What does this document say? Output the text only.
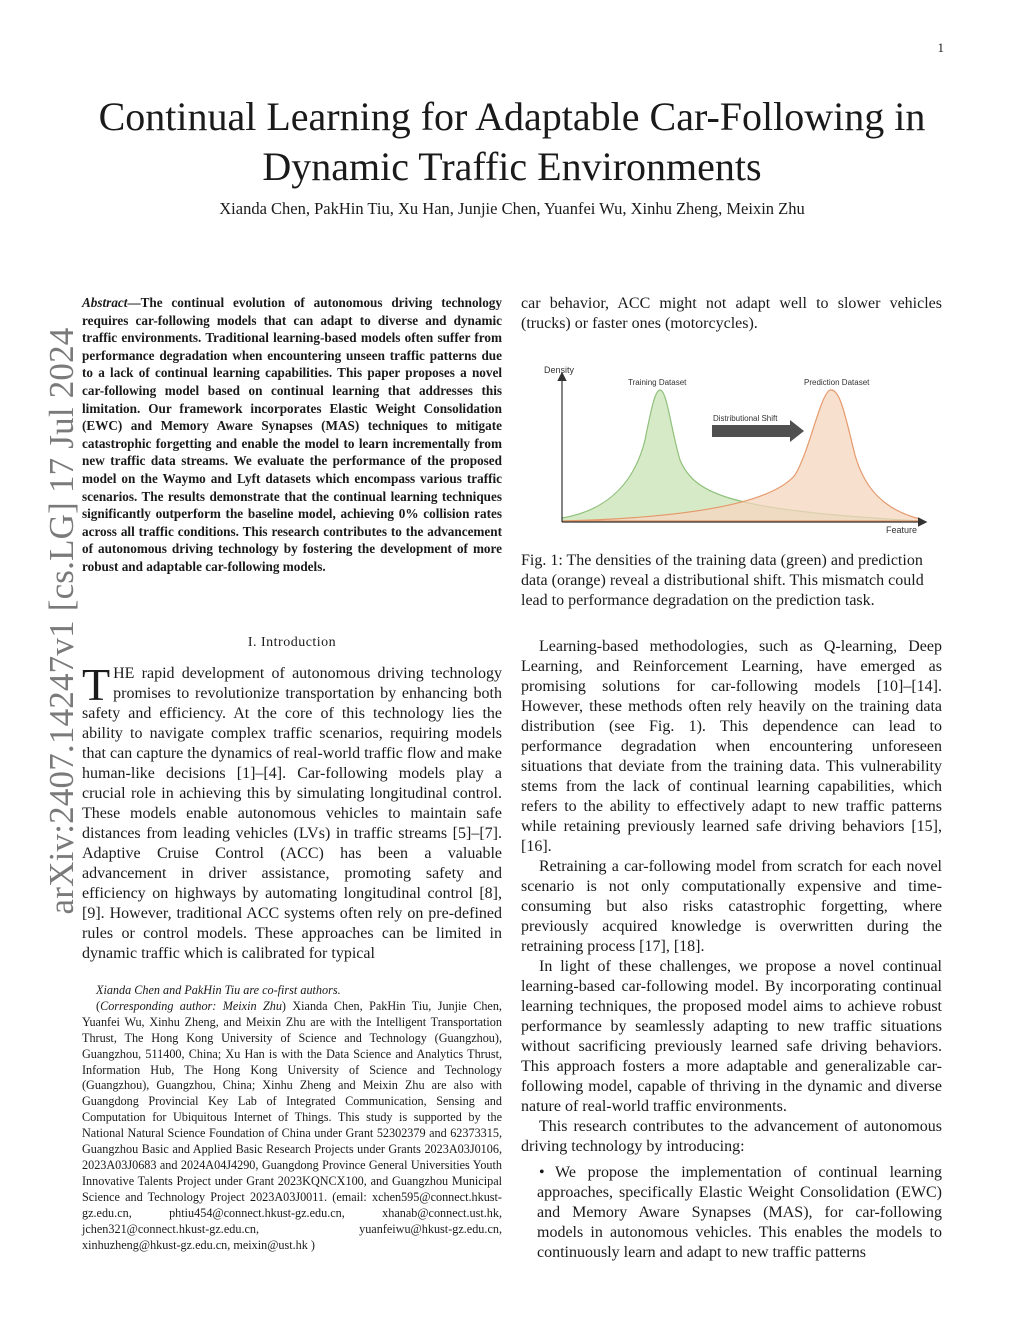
1
arXiv:2407.14247v1 [cs.LG] 17 Jul 2024
Continual Learning for Adaptable Car-Following in Dynamic Traffic Environments
Xianda Chen, PakHin Tiu, Xu Han, Junjie Chen, Yuanfei Wu, Xinhu Zheng, Meixin Zhu
Abstract—The continual evolution of autonomous driving technology requires car-following models that can adapt to diverse and dynamic traffic environments. Traditional learning-based models often suffer from performance degradation when encountering unseen traffic patterns due to a lack of continual learning capabilities. This paper proposes a novel car-following model based on continual learning that addresses this limitation. Our framework incorporates Elastic Weight Consolidation (EWC) and Memory Aware Synapses (MAS) techniques to mitigate catastrophic forgetting and enable the model to learn incrementally from new traffic data streams. We evaluate the performance of the proposed model on the Waymo and Lyft datasets which encompass various traffic scenarios. The results demonstrate that the continual learning techniques significantly outperform the baseline model, achieving 0% collision rates across all traffic conditions. This research contributes to the advancement of autonomous driving technology by fostering the development of more robust and adaptable car-following models.
I. Introduction
THE rapid development of autonomous driving technology promises to revolutionize transportation by enhancing both safety and efficiency. At the core of this technology lies the ability to navigate complex traffic scenarios, requiring models that can capture the dynamics of real-world traffic flow and make human-like decisions [1]–[4]. Car-following models play a crucial role in achieving this by simulating longitudinal control. These models enable autonomous vehicles to maintain safe distances from leading vehicles (LVs) in traffic streams [5]–[7]. Adaptive Cruise Control (ACC) has been a valuable advancement in driver assistance, promoting safety and efficiency on highways by automating longitudinal control [8], [9]. However, traditional ACC systems often rely on pre-defined rules or control models. These approaches can be limited in dynamic traffic which is calibrated for typical

Xianda Chen and PakHin Tiu are co-first authors.

(Corresponding author: Meixin Zhu) Xianda Chen, PakHin Tiu, Junjie Chen, Yuanfei Wu, Xinhu Zheng, and Meixin Zhu are with the Intelligent Transportation Thrust, The Hong Kong University of Science and Technology (Guangzhou), Guangzhou, 511400, China; Xu Han is with the Data Science and Analytics Thrust, Information Hub, The Hong Kong University of Science and Technology (Guangzhou), Guangzhou, China; Xinhu Zheng and Meixin Zhu are also with Guangdong Provincial Key Lab of Integrated Communication, Sensing and Computation for Ubiquitous Internet of Things. This study is supported by the National Natural Science Foundation of China under Grant 52302379 and 62373315, Guangzhou Basic and Applied Basic Research Projects under Grants 2023A03J0106, 2023A03J0683 and 2024A04J4290, Guangdong Province General Universities Youth Innovative Talents Project under Grant 2023KQNCX100, and Guangzhou Municipal Science and Technology Project 2023A03J0011. (email: xchen595@connect.hkust-gz.edu.cn, phtiu454@connect.hkust-gz.edu.cn, xhanab@connect.ust.hk, jchen321@connect.hkust-gz.edu.cn, yuanfeiwu@hkust-gz.edu.cn, xinhuzheng@hkust-gz.edu.cn, meixin@ust.hk )

car behavior, ACC might not adapt well to slower vehicles (trucks) or faster ones (motorcycles).
Density
Feature
Training Dataset	Prediction Dataset
Distributional Shift
Fig. 1: The densities of the training data (green) and prediction data (orange) reveal a distributional shift. This mismatch could lead to performance degradation on the prediction task.

Learning-based methodologies, such as Q-learning, Deep Learning, and Reinforcement Learning, have emerged as promising solutions for car-following models [10]–[14]. However, these methods often rely heavily on the training data distribution (see Fig. 1). This dependence can lead to performance degradation when encountering unforeseen situations that deviate from the training data. This vulnerability stems from the lack of continual learning capabilities, which refers to the ability to effectively adapt to new traffic patterns while retaining previously learned safe driving behaviors [15], [16].

Retraining a car-following model from scratch for each novel scenario is not only computationally expensive and time-consuming but also risks catastrophic forgetting, where previously acquired knowledge is overwritten during the retraining process [17], [18].

In light of these challenges, we propose a novel continual learning-based car-following model. By incorporating continual learning techniques, the proposed model aims to achieve robust performance by seamlessly adapting to new traffic situations without sacrificing previously learned safe driving behaviors. This approach fosters a more adaptable and generalizable car-following model, capable of thriving in the dynamic and diverse nature of real-world traffic environments.

This research contributes to the advancement of autonomous driving technology by introducing:

• We propose the implementation of continual learning approaches, specifically Elastic Weight Consolidation (EWC) and Memory Aware Synapses (MAS), for car-following models in autonomous vehicles. This enables the models to continuously learn and adapt to new traffic patterns
